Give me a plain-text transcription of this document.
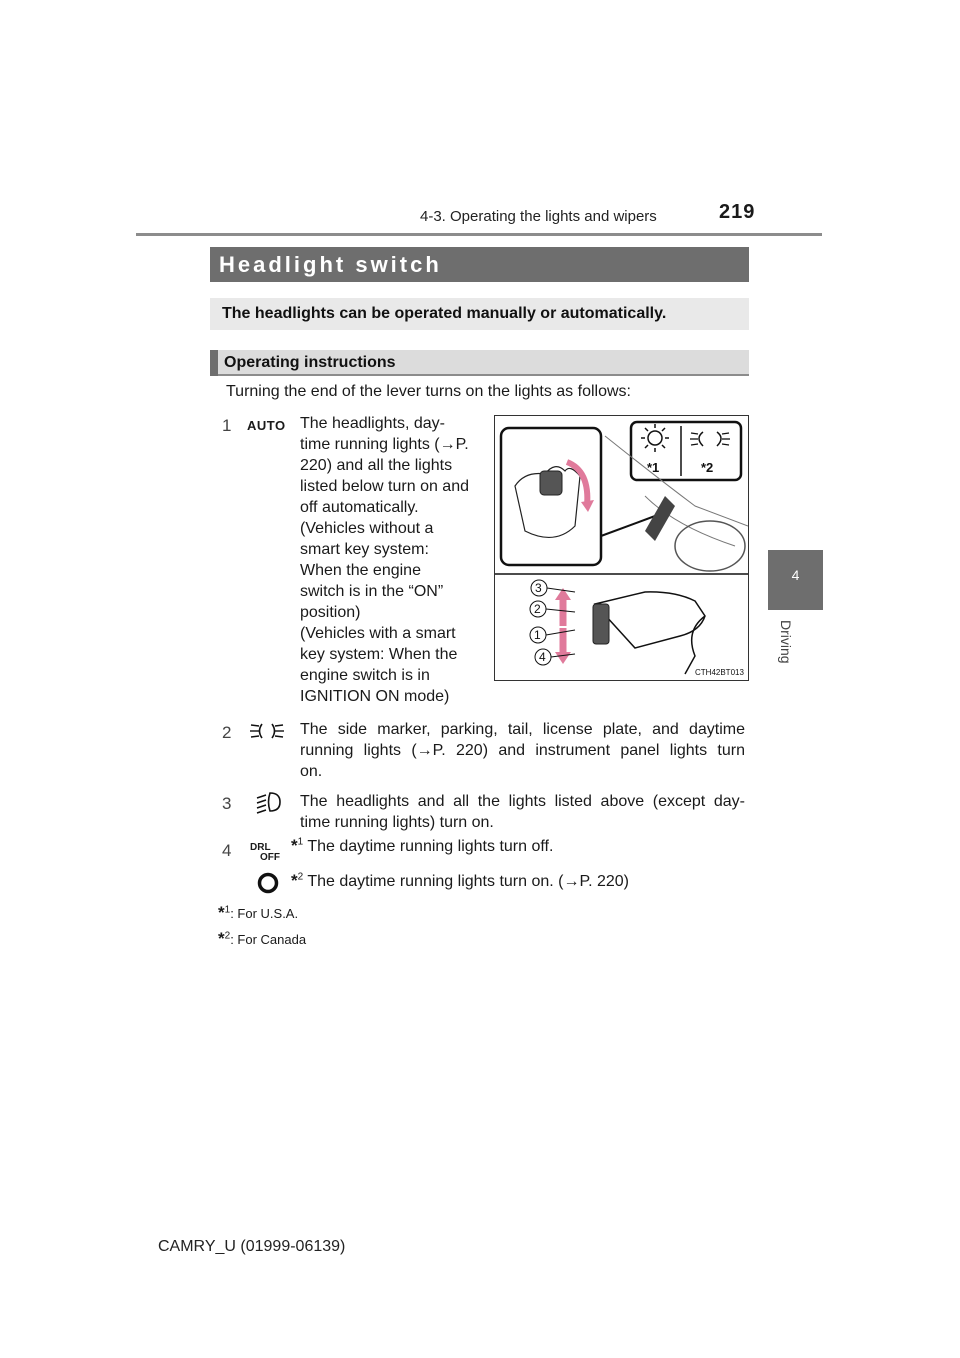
4-3. Operating the lights and wipers	219
4
Driving
Headlight switch
The headlights can be operated manually or automatically.
Operating instructions
Turning the end of the lever turns on the lights as follows:
1 AUTO The headlights, day-
time running lights (→P.
220) and all the lights
listed below turn on and
off automatically.
(Vehicles without a
smart key system:
When the engine
switch is in the “ON”
position)
(Vehicles with a smart
key system: When the
engine switch is in
IGNITION ON mode)
*1	*2
3
2
1
4
CTH42BT013
2	The side marker, parking, tail, license plate, and daytime
running lights (→P. 220) and instrument panel lights turn
on.
3	The headlights and all the lights listed above (except day-
time running lights) turn on.
4 DRL
OFF
*$^1$ The daytime running lights turn off.
*$^2$ The daytime running lights turn on. (→P. 220)
*$^1$: For U.S.A.
*$^2$: For Canada
CAMRY_U (01999-06139)
